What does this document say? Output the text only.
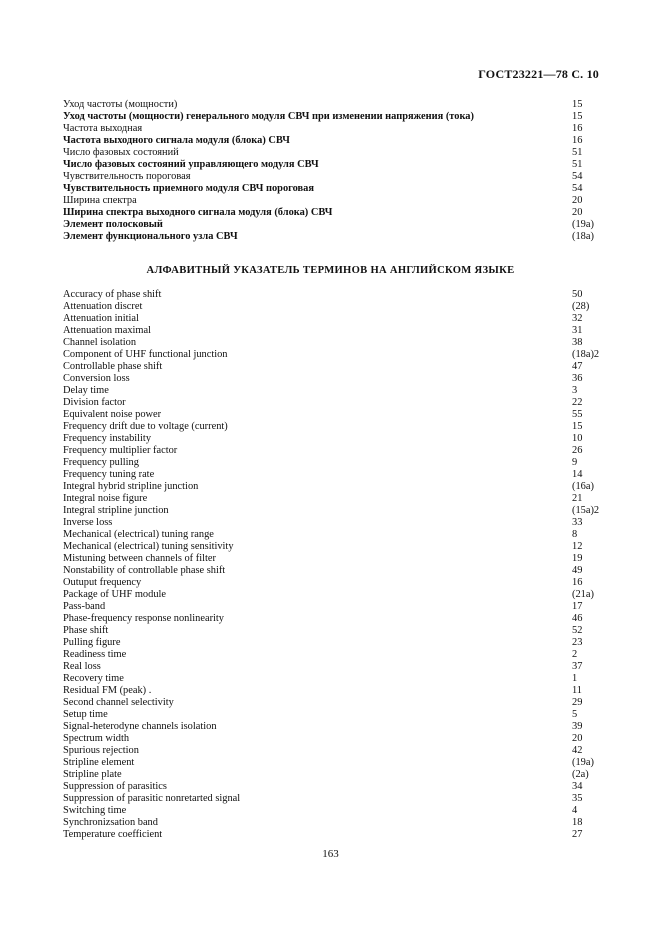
ГОСТ23221—78 С. 10
Уход частоты (мощности)	15
Уход частоты (мощности) генерального модуля СВЧ при изменении напряжения (тока)	15
Частота выходная	16
Частота выходного сигнала модуля (блока) СВЧ	16
Число фазовых состояний	51
Число фазовых состояний управляющего модуля СВЧ	51
Чувствительность пороговая	54
Чувствительность приемного модуля СВЧ пороговая	54
Ширина спектра	20
Ширина спектра выходного сигнала модуля (блока) СВЧ	20
Элемент полосковый	(19а)
Элемент функционального узла СВЧ	(18а)
АЛФАВИТНЫЙ УКАЗАТЕЛЬ ТЕРМИНОВ НА АНГЛИЙСКОМ ЯЗЫКЕ
Accuracy of phase shift	50
Attenuation discret	(28)
Attenuation initial	32
Attenuation maximal	31
Channel isolation	38
Component of UHF functional junction	(18a)2
Controllable phase shift	47
Conversion loss	36
Delay time	3
Division factor	22
Equivalent noise power	55
Frequency drift due to voltage (current)	15
Frequency instability	10
Frequency multiplier factor	26
Frequency pulling	9
Frequency tuning rate	14
Integral hybrid stripline junction	(16a)
Integral noise figure	21
Integral stripline junction	(15a)2
Inverse loss	33
Mechanical (electrical) tuning range	8
Mechanical (electrical) tuning sensitivity	12
Mistuning between channels of filter	19
Nonstability of controllable phase shift	49
Outuput frequency	16
Package of UHF module	(21a)
Pass-band	17
Phase-frequency response nonlinearity	46
Phase shift	52
Pulling figure	23
Readiness time	2
Real loss	37
Recovery time	1
Residual FM (peak) .	11
Second channel selectivity	29
Setup time	5
Signal-heterodyne channels isolation	39
Spectrum width	20
Spurious rejection	42
Stripline element	(19a)
Stripline plate	(2a)
Suppression of parasitics	34
Suppression of parasitic nonretarted signal	35
Switching time	4
Synchronizsation band	18
Temperature coefficient	27
163
